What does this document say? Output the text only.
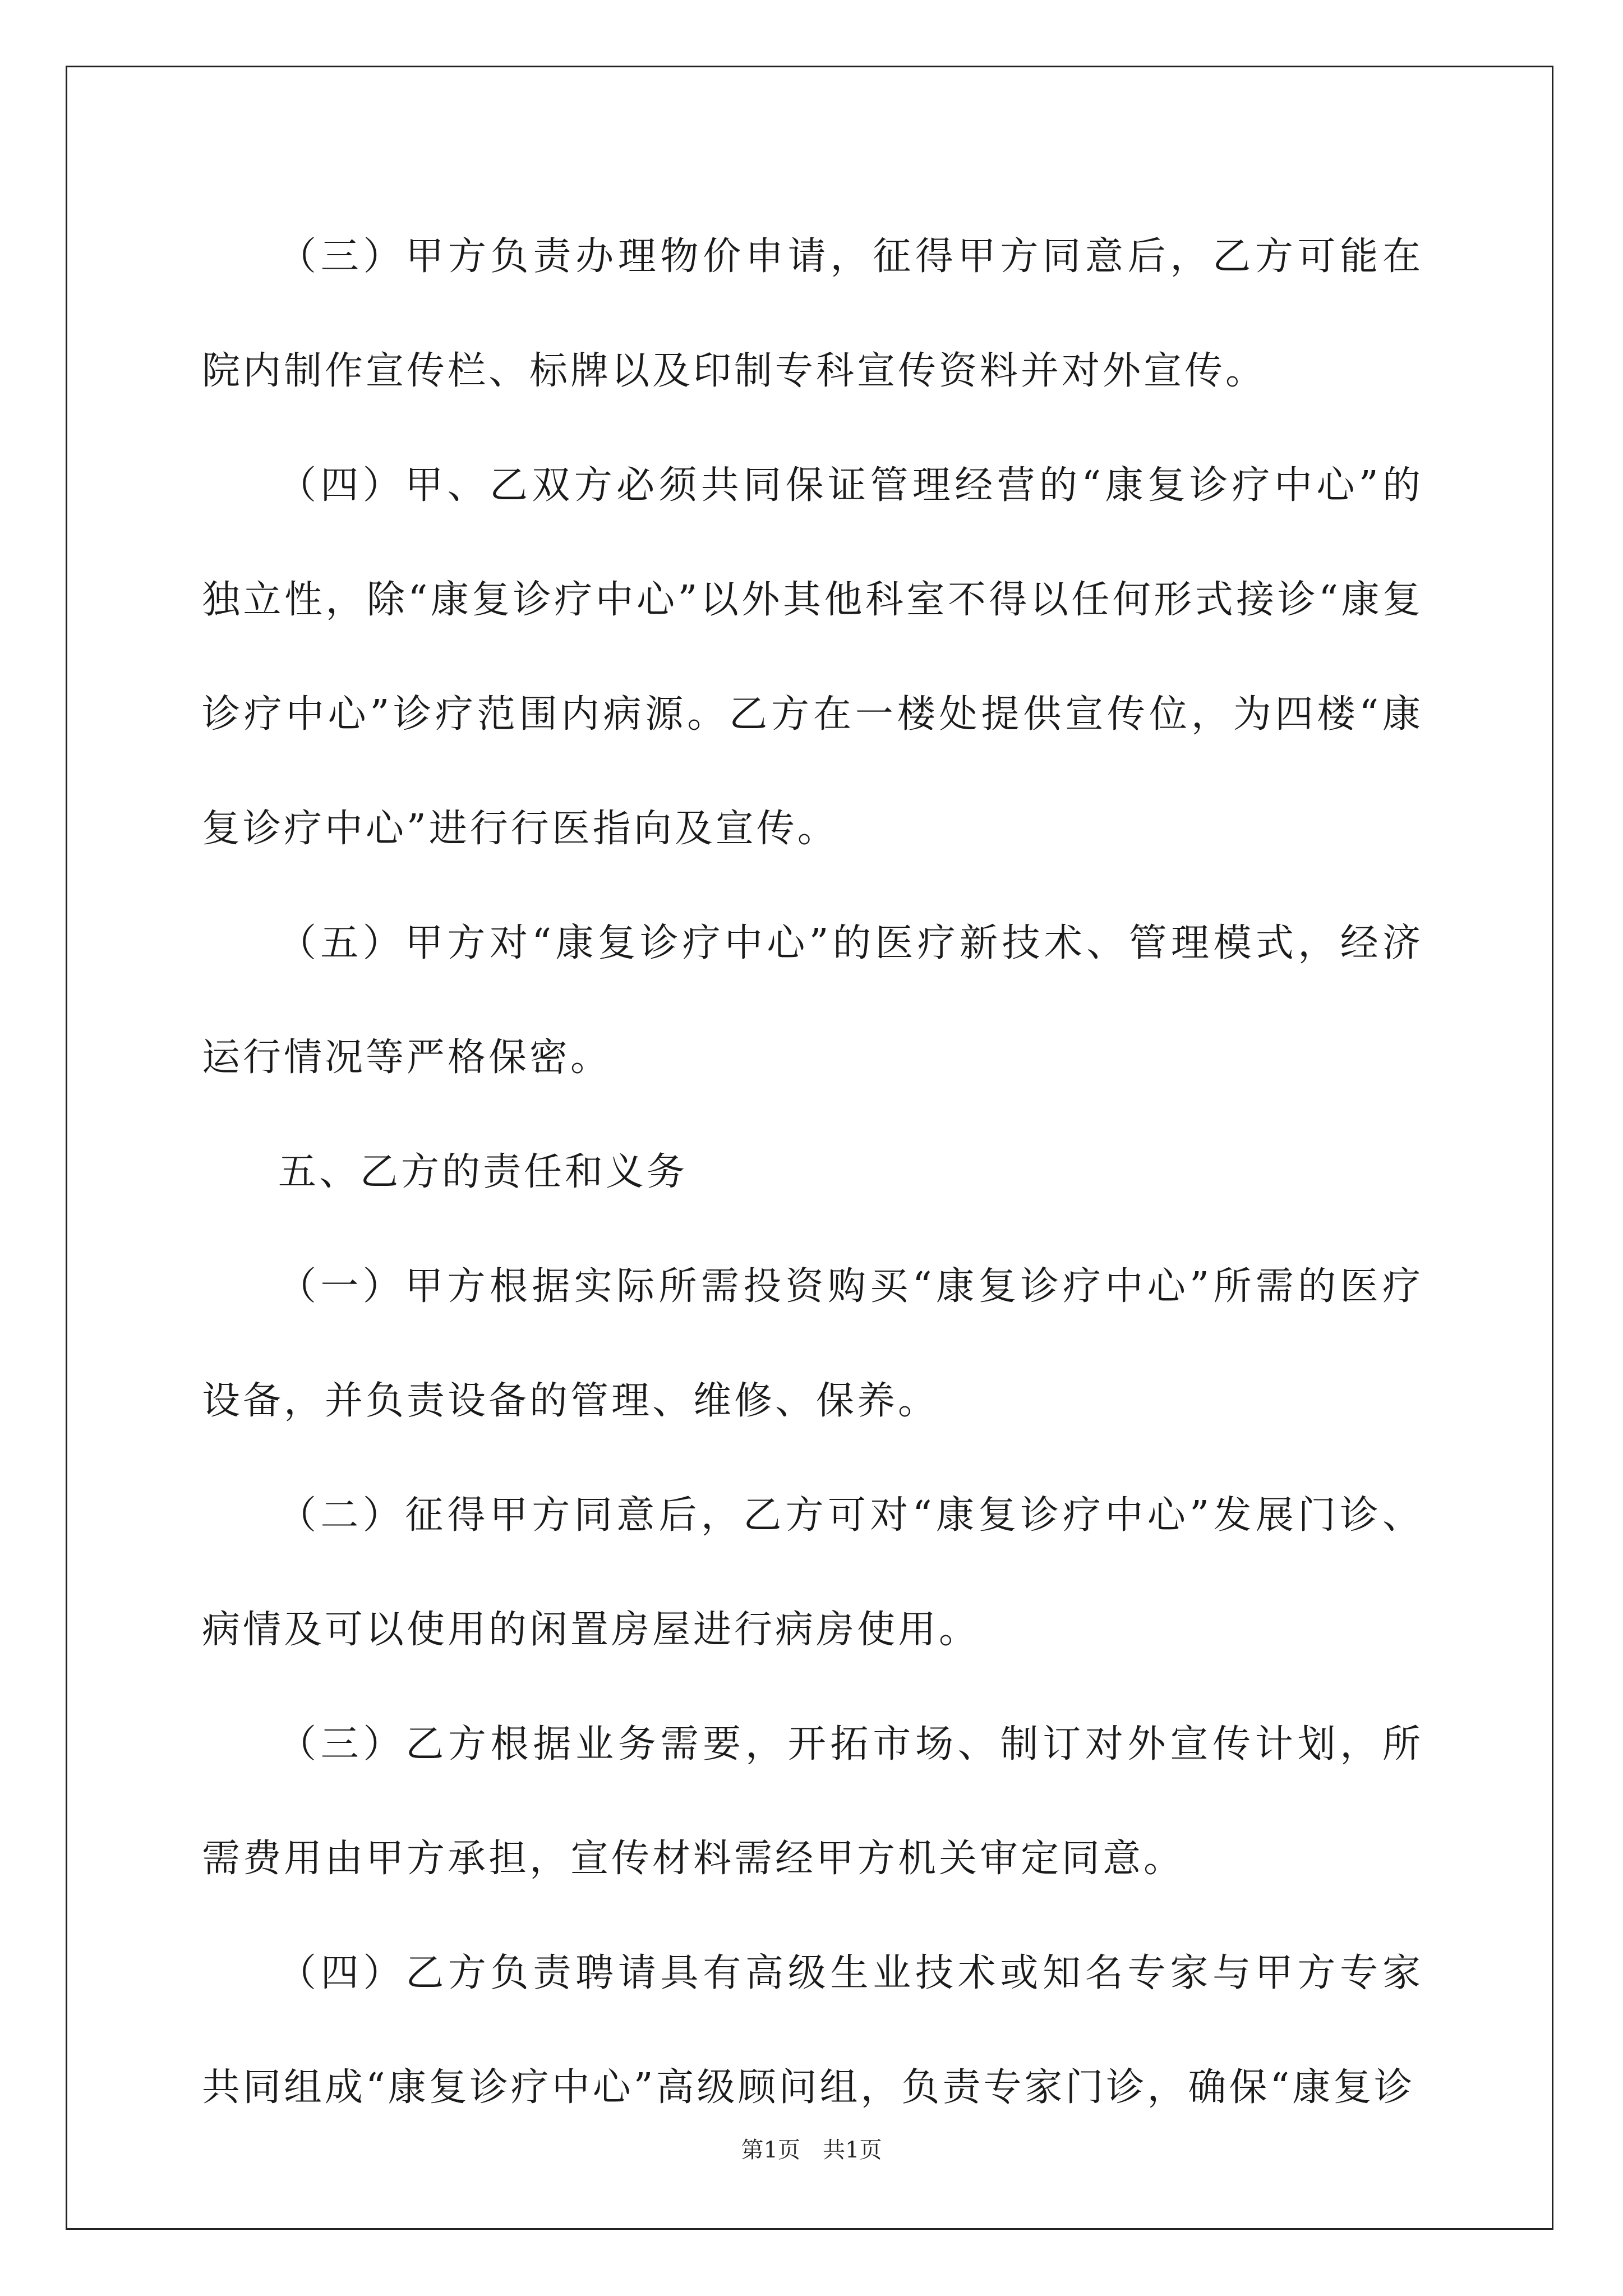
（三）甲方负责办理物价申请，征得甲方同意后，乙方可能在院内制作宣传栏、标牌以及印制专科宣传资料并对外宣传。

（四）甲、乙双方必须共同保证管理经营的“康复诊疗中心”的独立性，除“康复诊疗中心”以外其他科室不得以任何形式接诊“康复诊疗中心”诊疗范围内病源。乙方在一楼处提供宣传位，为四楼“康复诊疗中心”进行行医指向及宣传。

（五）甲方对“康复诊疗中心”的医疗新技术、管理模式，经济运行情况等严格保密。

五、乙方的责任和义务

（一）甲方根据实际所需投资购买“康复诊疗中心”所需的医疗设备，并负责设备的管理、维修、保养。

（二）征得甲方同意后，乙方可对“康复诊疗中心”发展门诊、病情及可以使用的闲置房屋进行病房使用。

（三）乙方根据业务需要，开拓市场、制订对外宣传计划，所需费用由甲方承担，宣传材料需经甲方机关审定同意。

（四）乙方负责聘请具有高级生业技术或知名专家与甲方专家共同组成“康复诊疗中心”高级顾问组，负责专家门诊，确保“康复诊

第1页　共1页
